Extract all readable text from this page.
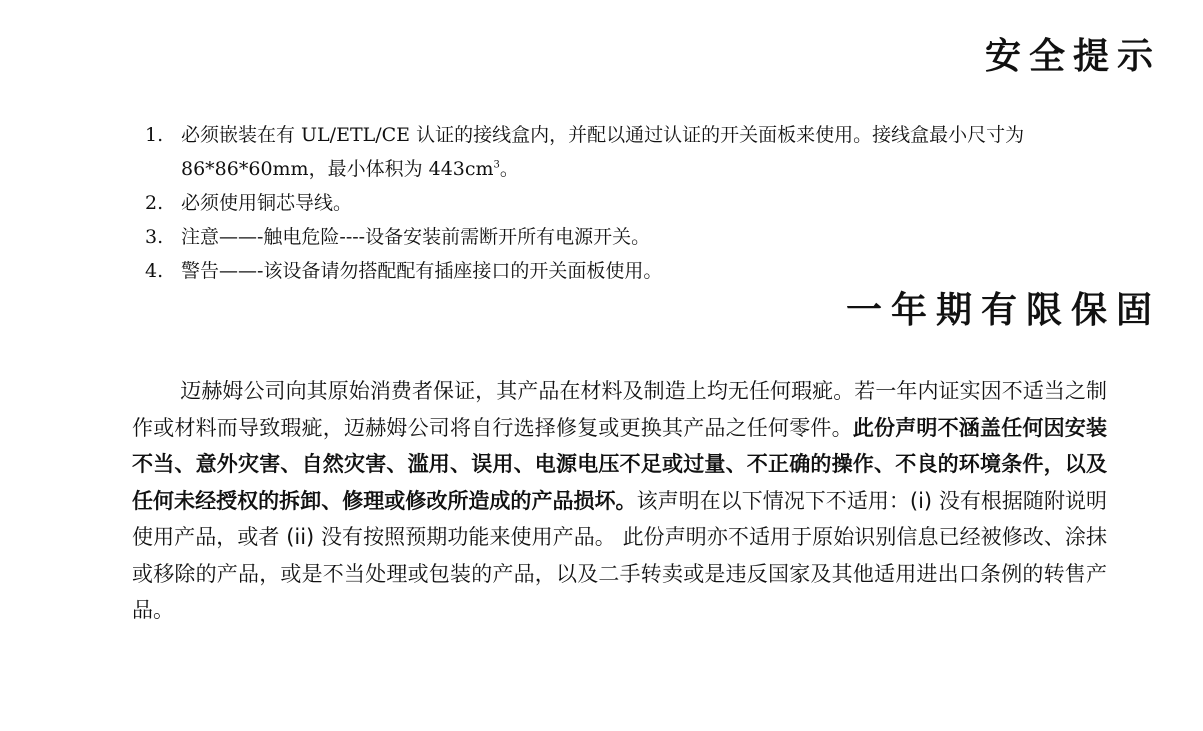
安全提示
1. 必须嵌装在有 UL/ETL/CE 认证的接线盒内，并配以通过认证的开关面板来使用。接线盒最小尺寸为 86*86*60mm，最小体积为 $443cm^3$。
2. 必须使用铜芯导线。
3. 注意——-触电危险----设备安装前需断开所有电源开关。
4. 警告——-该设备请勿搭配配有插座接口的开关面板使用。
一年期有限保固

迈赫姆公司向其原始消费者保证，其产品在材料及制造上均无任何瑕疵。若一年内证实因不适当之制作或材料而导致瑕疵，迈赫姆公司将自行选择修复或更换其产品之任何零件。此份声明不涵盖任何因安装不当、意外灾害、自然灾害、滥用、误用、电源电压不足或过量、不正确的操作、不良的环境条件，以及任何未经授权的拆卸、修理或修改所造成的产品损坏。该声明在以下情况下不适用：(i) 没有根据随附说明使用产品，或者 (ii) 没有按照预期功能来使用产品。 此份声明亦不适用于原始识别信息已经被修改、涂抹或移除的产品，或是不当处理或包装的产品，以及二手转卖或是违反国家及其他适用进出口条例的转售产品。
